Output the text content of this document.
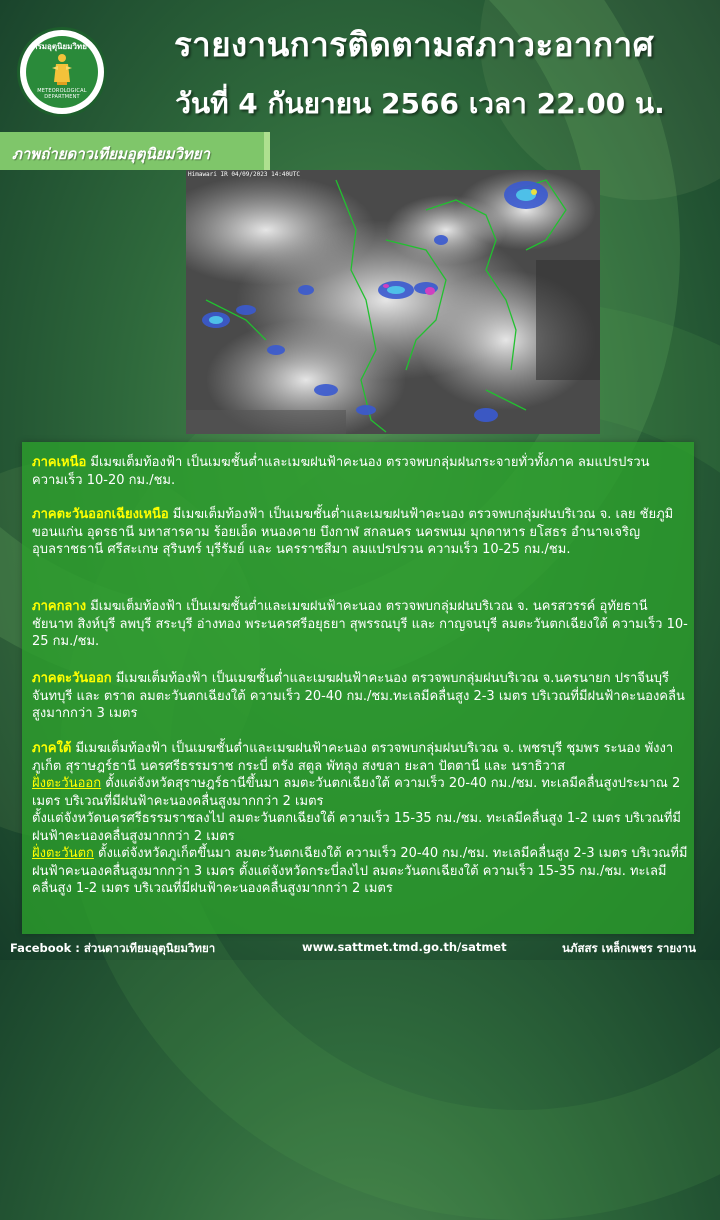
กรมอุตุนิยมวิทยา
METEOROLOGICAL DEPARTMENT
รายงานการติดตามสภาวะอากาศ
วันที่ 4 กันยายน 2566 เวลา 22.00 น.
ภาพถ่ายดาวเทียมอุตุนิยมวิทยา
Himawari IR 04/09/2023 14:40UTC
ภาคเหนือ มีเมฆเต็มท้องฟ้า เป็นเมฆชั้นต่ำและเมฆฝนฟ้าคะนอง ตรวจพบกลุ่มฝนกระจายทั่วทั้งภาค ลมแปรปรวน ความเร็ว 10-20 กม./ชม.
ภาคตะวันออกเฉียงเหนือ มีเมฆเต็มท้องฟ้า เป็นเมฆชั้นต่ำและเมฆฝนฟ้าคะนอง ตรวจพบกลุ่มฝนบริเวณ จ. เลย ชัยภูมิ ขอนแก่น อุดรธานี มหาสารคาม ร้อยเอ็ด หนองคาย บึงกาฬ สกลนคร นครพนม มุกดาหาร ยโสธร อำนาจเจริญ อุบลราชธานี ศรีสะเกษ สุรินทร์ บุรีรัมย์ และ นครราชสีมา ลมแปรปรวน ความเร็ว 10-25 กม./ชม.
ภาคกลาง มีเมฆเต็มท้องฟ้า เป็นเมฆชั้นต่ำและเมฆฝนฟ้าคะนอง ตรวจพบกลุ่มฝนบริเวณ จ. นครสวรรค์ อุทัยธานี ชัยนาท สิงห์บุรี ลพบุรี สระบุรี อ่างทอง พระนครศรีอยุธยา สุพรรณบุรี และ กาญจนบุรี ลมตะวันตกเฉียงใต้ ความเร็ว 10-25 กม./ชม.
ภาคตะวันออก มีเมฆเต็มท้องฟ้า เป็นเมฆชั้นต่ำและเมฆฝนฟ้าคะนอง ตรวจพบกลุ่มฝนบริเวณ จ.นครนายก ปราจีนบุรี จันทบุรี และ ตราด ลมตะวันตกเฉียงใต้ ความเร็ว 20-40 กม./ชม.ทะเลมีคลื่นสูง 2-3 เมตร บริเวณที่มีฝนฟ้าคะนองคลื่นสูงมากกว่า 3 เมตร
ภาคใต้ มีเมฆเต็มท้องฟ้า เป็นเมฆชั้นต่ำและเมฆฝนฟ้าคะนอง ตรวจพบกลุ่มฝนบริเวณ จ. เพชรบุรี ชุมพร ระนอง พังงา ภูเก็ต สุราษฎร์ธานี นครศรีธรรมราช กระบี่ ตรัง สตูล พัทลุง สงขลา ยะลา ปัตตานี และ นราธิวาส
ฝั่งตะวันออก ตั้งแต่จังหวัดสุราษฎร์ธานีขึ้นมา ลมตะวันตกเฉียงใต้ ความเร็ว 20-40 กม./ชม. ทะเลมีคลื่นสูงประมาณ 2 เมตร บริเวณที่มีฝนฟ้าคะนองคลื่นสูงมากกว่า 2 เมตร
ตั้งแต่จังหวัดนครศรีธรรมราชลงไป ลมตะวันตกเฉียงใต้ ความเร็ว 15-35 กม./ชม. ทะเลมีคลื่นสูง 1-2 เมตร บริเวณที่มีฝนฟ้าคะนองคลื่นสูงมากกว่า 2 เมตร
ฝั่งตะวันตก ตั้งแต่จังหวัดภูเก็ตขึ้นมา ลมตะวันตกเฉียงใต้ ความเร็ว 20-40 กม./ชม. ทะเลมีคลื่นสูง 2-3 เมตร บริเวณที่มีฝนฟ้าคะนองคลื่นสูงมากกว่า 3 เมตร ตั้งแต่จังหวัดกระบี่ลงไป ลมตะวันตกเฉียงใต้ ความเร็ว 15-35 กม./ชม. ทะเลมีคลื่นสูง 1-2 เมตร บริเวณที่มีฝนฟ้าคะนองคลื่นสูงมากกว่า 2 เมตร
Facebook : ส่วนดาวเทียมอุตุนิยมวิทยา	www.sattmet.tmd.go.th/satmet	นภัสสร เหล็กเพชร รายงาน
